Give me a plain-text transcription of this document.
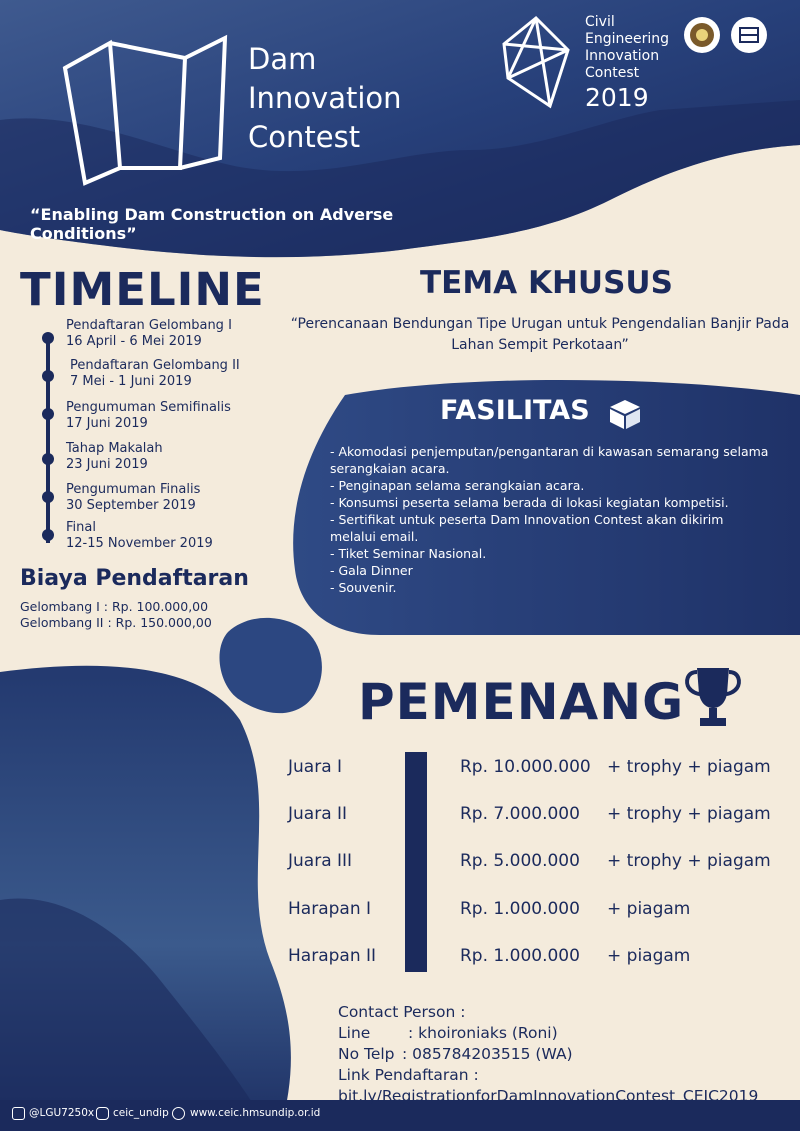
Dam
Innovation
Contest
Civil
Engineering
Innovation
Contest
2019
“Enabling Dam Construction on Adverse Conditions”
TIMELINE
Pendaftaran Gelombang I
16 April - 6 Mei 2019
Pendaftaran Gelombang II
7 Mei - 1 Juni 2019
Pengumuman Semifinalis
17 Juni 2019
Tahap Makalah
23 Juni 2019
Pengumuman Finalis
30 September 2019
Final
12-15 November 2019
Biaya Pendaftaran
Gelombang I : Rp. 100.000,00
Gelombang II : Rp. 150.000,00
TEMA KHUSUS
“Perencanaan Bendungan Tipe Urugan untuk Pengendalian Banjir Pada Lahan Sempit Perkotaan”
FASILITAS
- Akomodasi penjemputan/pengantaran di kawasan semarang selama serangkaian acara.
- Penginapan selama serangkaian acara.
- Konsumsi peserta selama berada di lokasi kegiatan kompetisi.
- Sertifikat untuk peserta Dam Innovation Contest akan dikirim melalui email.
- Tiket Seminar Nasional.
- Gala Dinner
- Souvenir.
PEMENANG
Juara I	Rp. 10.000.000 + trophy + piagam
Juara II	Rp. 7.000.000 + trophy + piagam
Juara III	Rp. 5.000.000 + trophy + piagam
Harapan I	Rp. 1.000.000 + piagam
Harapan II	Rp. 1.000.000 + piagam
Contact Person :
Line : khoironiaks (Roni)
No Telp : 085784203515 (WA)
Link Pendaftaran :
bit.ly/RegistrationforDamInnovationContest_CEIC2019
@LGU7250x ceic_undip www.ceic.hmsundip.or.id
